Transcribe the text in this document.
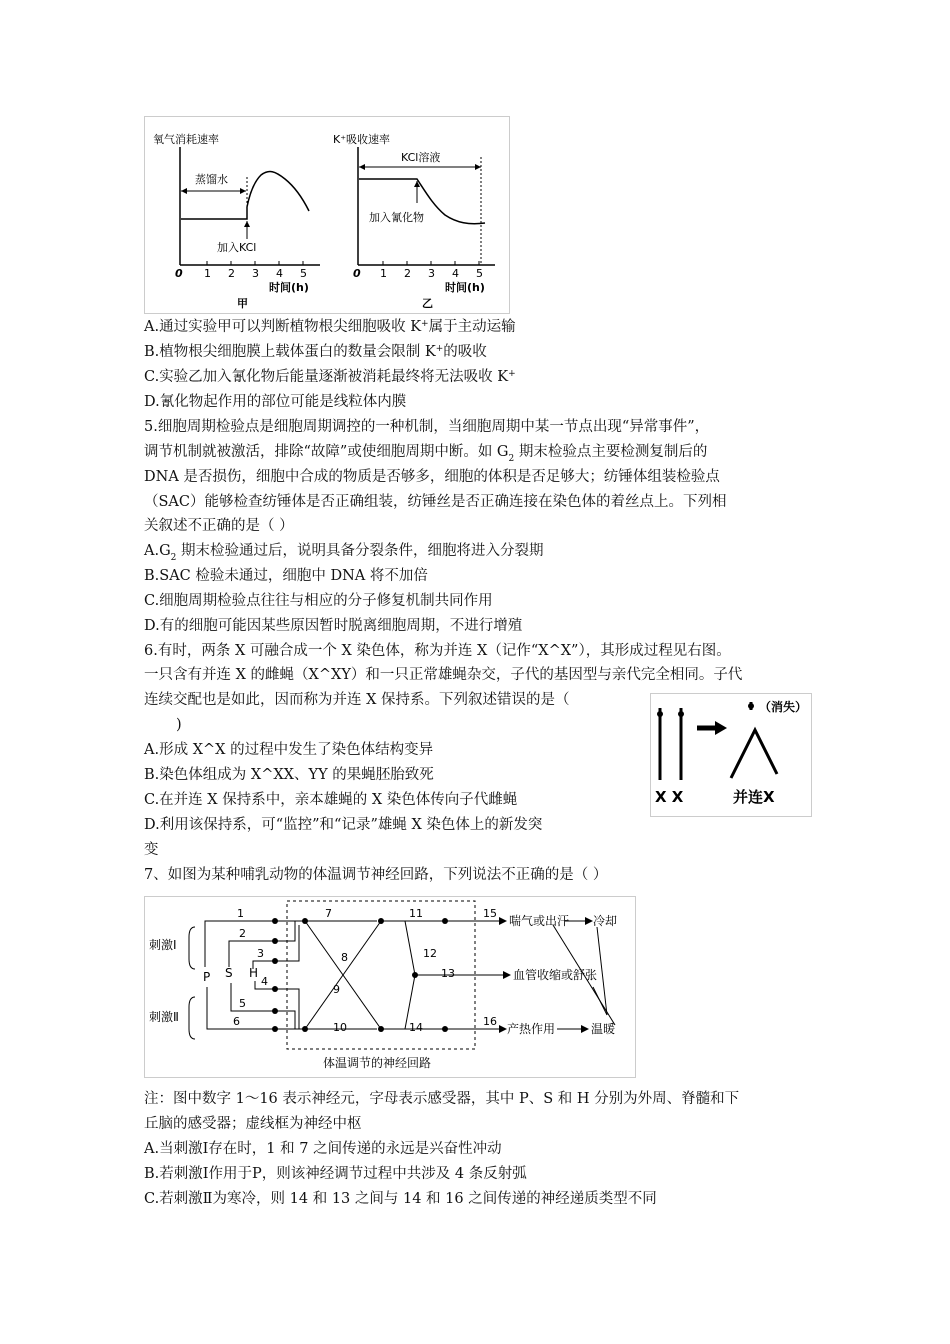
氧气消耗速率
蒸馏水
加入KCl
0 1 2 3 4 5
时间(h)
甲
K⁺吸收速率
KCl溶液
加入氰化物
0 1 2 3 4 5
时间(h)
乙
A.通过实验甲可以判断植物根尖细胞吸收 K+属于主动运输
B.植物根尖细胞膜上载体蛋白的数量会限制 K+的吸收
C.实验乙加入氰化物后能量逐渐被消耗最终将无法吸收 K+
D.氰化物起作用的部位可能是线粒体内膜
5.细胞周期检验点是细胞周期调控的一种机制，当细胞周期中某一节点出现“异常事件”，
调节机制就被激活，排除“故障”或使细胞周期中断。如 $G_2$ 期末检验点主要检测复制后的
DNA 是否损伤，细胞中合成的物质是否够多，细胞的体积是否足够大；纺锤体组装检验点
（SAC）能够检查纺锤体是否正确组装，纺锤丝是否正确连接在染色体的着丝点上。下列相
关叙述不正确的是（ ）
$A.G_2$ 期末检验通过后，说明具备分裂条件，细胞将进入分裂期
B.SAC 检验未通过，细胞中 DNA 将不加倍
C.细胞周期检验点往往与相应的分子修复机制共同作用
D.有的细胞可能因某些原因暂时脱离细胞周期，不进行增殖
6.有时，两条 X 可融合成一个 X 染色体，称为并连 X（记作“X^X”），其形成过程见右图。
一只含有并连 X 的雌蝇（X^XY）和一只正常雄蝇杂交，子代的基因型与亲代完全相同。子代
连续交配也是如此，因而称为并连 X 保持系。下列叙述错误的是（
)
A.形成 X^X 的过程中发生了染色体结构变异
B.染色体组成为 X^XX、YY 的果蝇胚胎致死
C.在并连 X 保持系中，亲本雄蝇的 X 染色体传向子代雌蝇
D.利用该保持系，可“监控”和“记录”雄蝇 X 染色体上的新发突
变
（消失）
X X	并连X
7、如图为某种哺乳动物的体温调节神经回路，下列说法不正确的是（ ）
体温调节的神经回路
刺激Ⅰ
刺激Ⅱ
P S H
1
2
3
4
5
6
7
8
9
10
11
12
13
14
15
16
喘气或出汗 冷却
血管收缩或舒张
产热作用	温暖
注：图中数字 1～16 表示神经元，字母表示感受器，其中 P、S 和 H 分别为外周、脊髓和下
丘脑的感受器；虚线框为神经中枢
A.当刺激Ⅰ存在时，1 和 7 之间传递的永远是兴奋性冲动
B.若刺激Ⅰ作用于P，则该神经调节过程中共涉及 4 条反射弧
C.若刺激Ⅱ为寒冷，则 14 和 13 之间与 14 和 16 之间传递的神经递质类型不同
